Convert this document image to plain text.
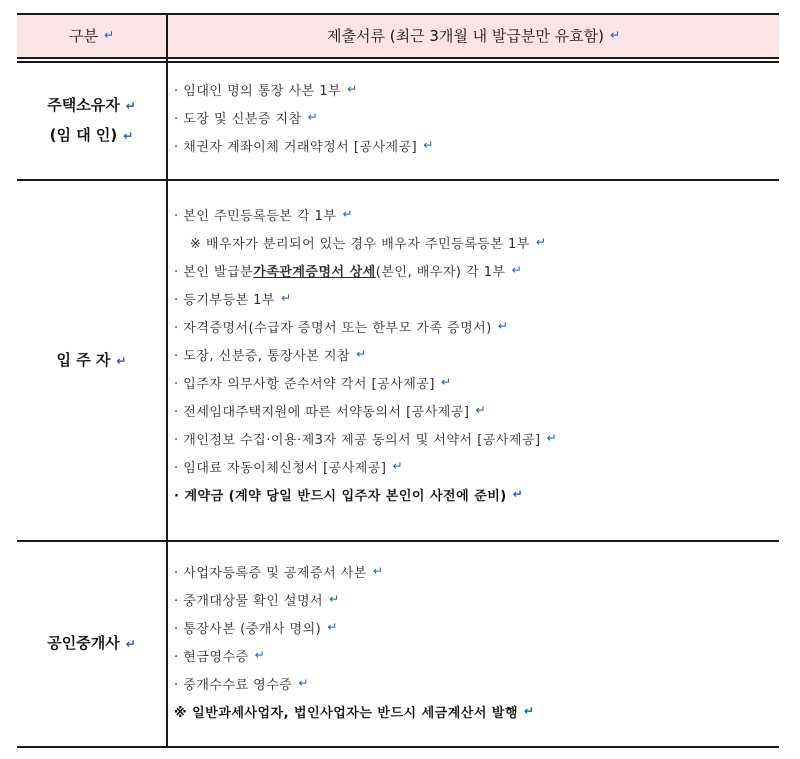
구분 ↵	제출서류 (최근 3개월 내 발급분만 유효함) ↵
주택소유자 ↵
(임 대 인) ↵
· 임대인 명의 통장 사본 1부 ↵
· 도장 및 신분증 지참 ↵
· 채권자 계좌이체 거래약정서 [공사제공] ↵
입 주 자 ↵
· 본인 주민등록등본 각 1부 ↵
※ 배우자가 분리되어 있는 경우 배우자 주민등록등본 1부 ↵
· 본인 발급분 가족관계증명서 상세 (본인, 배우자) 각 1부 ↵
· 등기부등본 1부 ↵
· 자격증명서(수급자 증명서 또는 한부모 가족 증명서) ↵
· 도장, 신분증, 통장사본 지참 ↵
· 입주자 의무사항 준수서약 각서 [공사제공] ↵
· 전세임대주택지원에 따른 서약동의서 [공사제공] ↵
· 개인정보 수집·이용·제3자 제공 동의서 및 서약서 [공사제공] ↵
· 임대료 자동이체신청서 [공사제공] ↵
· 계약금 (계약 당일 반드시 입주자 본인이 사전에 준비) ↵
공인중개사 ↵
· 사업자등록증 및 공제증서 사본 ↵
· 중개대상물 확인 설명서 ↵
· 통장사본 (중개사 명의) ↵
· 현금영수증 ↵
· 중개수수료 영수증 ↵
※ 일반과세사업자, 법인사업자는 반드시 세금계산서 발행 ↵
